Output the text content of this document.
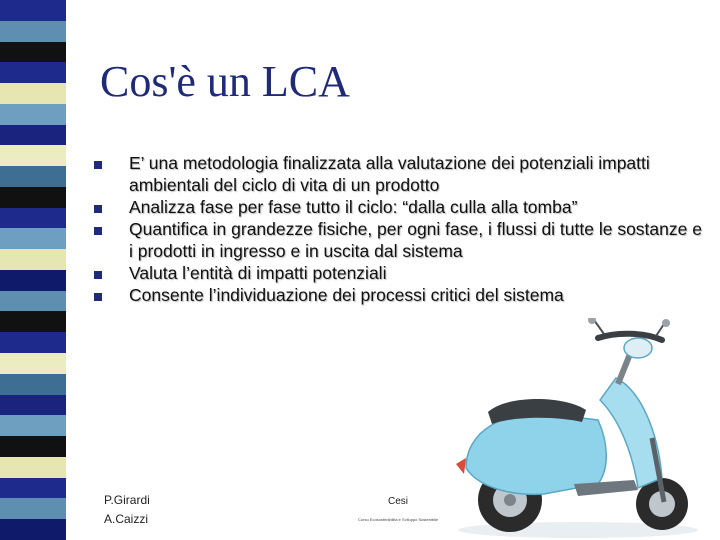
Cos'è un LCA
E’ una metodologia finalizzata alla valutazione dei potenziali impatti ambientali del ciclo di vita di un prodotto
Analizza fase per fase tutto il ciclo: “dalla culla alla tomba”
Quantifica in grandezze fisiche, per ogni fase, i flussi di tutte le sostanze e i prodotti in ingresso e in uscita dal sistema
Valuta l’entità di impatti potenziali
Consente l’individuazione dei processi critici del sistema
P.Girardi
A.Caizzi
Cesi
Corso Ecosostenibilità e Sviluppo Sostenibile
